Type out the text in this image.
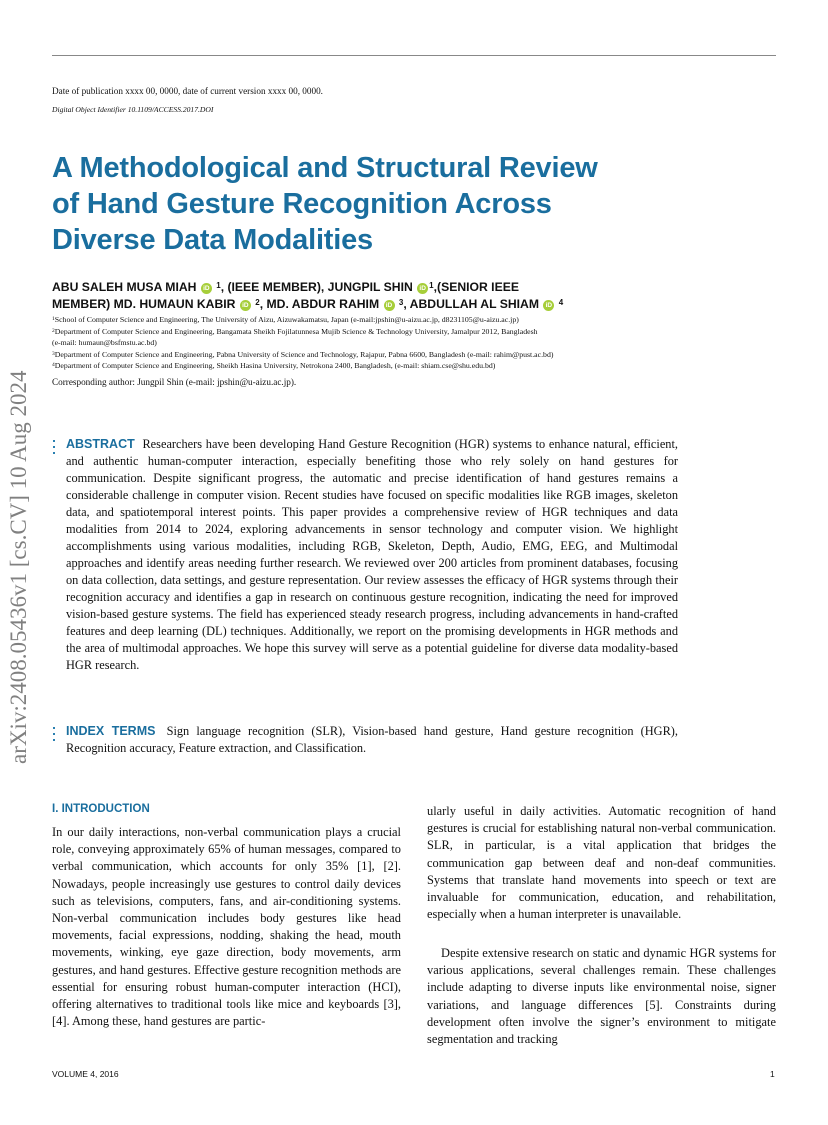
Date of publication xxxx 00, 0000, date of current version xxxx 00, 0000.
Digital Object Identifier 10.1109/ACCESS.2017.DOI
A Methodological and Structural Review
of Hand Gesture Recognition Across
Diverse Data Modalities
ABU SALEH MUSA MIAH iD $^1$, (IEEE MEMBER), JUNGPIL SHIN iD $^1$,(SENIOR IEEE
MEMBER) MD. HUMAUN KABIR iD $^2$, MD. ABDUR RAHIM iD $^3$, ABDULLAH AL SHIAM iD $^4$
$^1$School of Computer Science and Engineering, The University of Aizu, Aizuwakamatsu, Japan (e-mail:jpshin@u-aizu.ac.jp, d8231105@u-aizu.ac.jp)
$^2$Department of Computer Science and Engineering, Bangamata Sheikh Fojilatunnesa Mujib Science & Technology University, Jamalpur 2012, Bangladesh
(e-mail: humaun@bsfmstu.ac.bd)
$^3$Department of Computer Science and Engineering, Pabna University of Science and Technology, Rajapur, Pabna 6600, Bangladesh (e-mail: rahim@pust.ac.bd)
$^4$Department of Computer Science and Engineering, Sheikh Hasina University, Netrokona 2400, Bangladesh, (e-mail: shiam.cse@shu.edu.bd)
Corresponding author: Jungpil Shin (e-mail: jpshin@u-aizu.ac.jp).
arXiv:2408.05436v1 [cs.CV] 10 Aug 2024	ABSTRACT Researchers have been developing Hand Gesture Recognition (HGR) systems to enhance natural, efficient, and authentic human-computer interaction, especially benefiting those who rely solely on hand gestures for communication. Despite significant progress, the automatic and precise identification of hand gestures remains a considerable challenge in computer vision. Recent studies have focused on specific modalities like RGB images, skeleton data, and spatiotemporal interest points. This paper provides a comprehensive review of HGR techniques and data modalities from 2014 to 2024, exploring advancements in sensor technology and computer vision. We highlight accomplishments using various modalities, including RGB, Skeleton, Depth, Audio, EMG, EEG, and Multimodal approaches and identify areas needing further research. We reviewed over 200 articles from prominent databases, focusing on data collection, data settings, and gesture representation. Our review assesses the efficacy of HGR systems through their recognition accuracy and identifies a gap in research on continuous gesture recognition, indicating the need for improved vision-based gesture systems. The field has experienced steady research progress, including advancements in hand-crafted features and deep learning (DL) techniques. Additionally, we report on the promising developments in HGR methods and the area of multimodal approaches. We hope this survey will serve as a potential guideline for diverse data modality-based HGR research.

INDEX TERMS Sign language recognition (SLR), Vision-based hand gesture, Hand gesture recognition (HGR), Recognition accuracy, Feature extraction, and Classification.

I. INTRODUCTION

In our daily interactions, non-verbal communication plays a crucial role, conveying approximately 65% of human messages, compared to verbal communication, which accounts for only 35% [1], [2]. Nowadays, people increasingly use gestures to control daily devices such as televisions, computers, fans, and air-conditioning systems. Non-verbal communication includes body gestures like head movements, facial expressions, nodding, shaking the head, mouth movements, winking, eye gaze direction, body movements, arm gestures, and hand gestures. Effective gesture recognition methods are essential for ensuring robust human-computer interaction (HCI), offering alternatives to traditional tools like mice and keyboards [3], [4]. Among these, hand gestures are partic-

ularly useful in daily activities. Automatic recognition of hand gestures is crucial for establishing natural non-verbal communication. SLR, in particular, is a vital application that bridges the communication gap between deaf and non-deaf communities. Systems that translate hand movements into speech or text are invaluable for communication, education, and rehabilitation, especially when a human interpreter is unavailable.

Despite extensive research on static and dynamic HGR systems for various applications, several challenges remain. These challenges include adapting to diverse inputs like environmental noise, signer variations, and language differences [5]. Constraints during development often involve the signer’s environment to mitigate segmentation and tracking

VOLUME 4, 2016	1
